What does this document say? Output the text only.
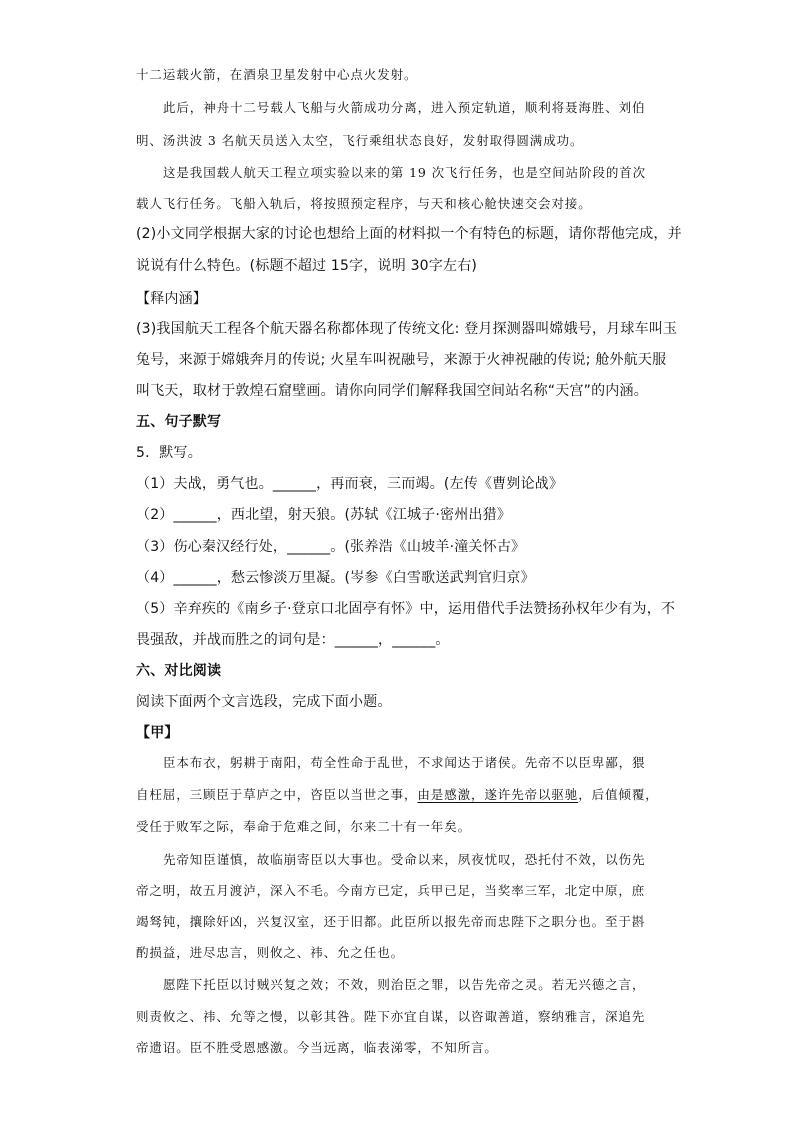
十二运载火箭，在酒泉卫星发射中心点火发射。
此后，神舟十二号载人飞船与火箭成功分离，进入预定轨道，顺利将聂海胜、刘伯
明、汤洪波 3 名航天员送入太空，飞行乘组状态良好，发射取得圆满成功。
这是我国载人航天工程立项实验以来的第 19 次飞行任务，也是空间站阶段的首次
载人飞行任务。飞船入轨后，将按照预定程序，与天和核心舱快速交会对接。
(2)小文同学根据大家的讨论也想给上面的材料拟一个有特色的标题，请你帮他完成，并
说说有什么特色。(标题不超过 15字，说明 30字左右)
【释内涵】
(3)我国航天工程各个航天器名称都体现了传统文化: 登月探测器叫嫦娥号，月球车叫玉
兔号，来源于嫦娥奔月的传说; 火星车叫祝融号，来源于火神祝融的传说; 舱外航天服
叫飞天，取材于敦煌石窟壁画。请你向同学们解释我国空间站名称“天宫”的内涵。
五、句子默写
5．默写。
（1）夫战，勇气也。______，再而衰，三而竭。(左传《曹刿论战》
（2）______，西北望，射天狼。(苏轼《江城子·密州出猎》
（3）伤心秦汉经行处，______。(张养浩《山坡羊·潼关怀古》
（4）______，愁云惨淡万里凝。(岑参《白雪歌送武判官归京》
（5）辛弃疾的《南乡子·登京口北固亭有怀》中，运用借代手法赞扬孙权年少有为，不
畏强敌，并战而胜之的词句是：______，______。
六、对比阅读
阅读下面两个文言选段，完成下面小题。
【甲】
臣本布衣，躬耕于南阳，苟全性命于乱世，不求闻达于诸侯。先帝不以臣卑鄙，猥
自枉屈，三顾臣于草庐之中，咨臣以当世之事，由是感激，遂许先帝以驱驰，后值倾覆，
受任于败军之际，奉命于危难之间，尔来二十有一年矣。
先帝知臣谨慎，故临崩寄臣以大事也。受命以来，夙夜忧叹，恐托付不效，以伤先
帝之明，故五月渡泸，深入不毛。今南方已定，兵甲已足，当奖率三军，北定中原，庶
竭驽钝，攘除奸凶，兴复汉室，还于旧都。此臣所以报先帝而忠陛下之职分也。至于斟
酌损益，进尽忠言，则攸之、祎、允之任也。
愿陛下托臣以讨贼兴复之效；不效，则治臣之罪，以告先帝之灵。若无兴德之言，
则责攸之、祎、允等之慢，以彰其咎。陛下亦宜自谋，以咨诹善道，察纳雅言，深追先
帝遗诏。臣不胜受恩感激。今当远离，临表涕零，不知所言。
